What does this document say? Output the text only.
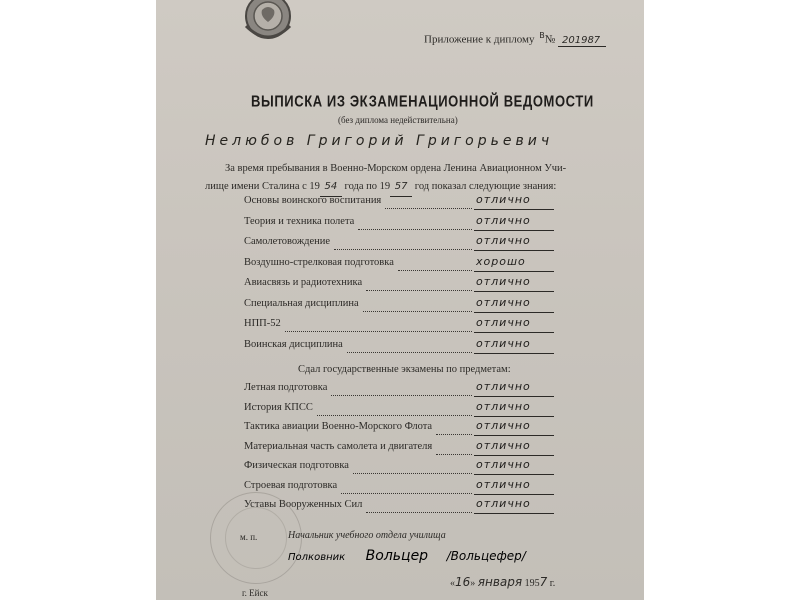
Приложение к диплому $^В$№ 201987
ВЫПИСКА ИЗ ЭКЗАМЕНАЦИОННОЙ ВЕДОМОСТИ
(без диплома недействительна)
Нелюбов Григорий Григорьевич
За время пребывания в Военно-Морском ордена Ленина Авиационном Учи-
лище имени Сталина с 19 54 года по 19 57 год показал следующие знания:
Основы воинского воспитания	отлично
Теория и техника полета	отлично
Самолетовождение	отлично
Воздушно-стрелковая подготовка	хорошо
Авиасвязь и радиотехника	отлично
Специальная дисциплина	отлично
НПП-52	отлично
Воинская дисциплина	отлично
Сдал государственные экзамены по предметам:
Летная подготовка	отлично
История КПСС	отлично
Тактика авиации Военно-Морского Флота	отлично
Материальная часть самолета и двигателя	отлично
Физическая подготовка	отлично
Строевая подготовка	отлично
Уставы Вооруженных Сил	отлично
м. п.	Начальник учебного отдела училища
Полковник Вольцер /Вольцефер/
«16» января 1957 г.
г. Ейск
